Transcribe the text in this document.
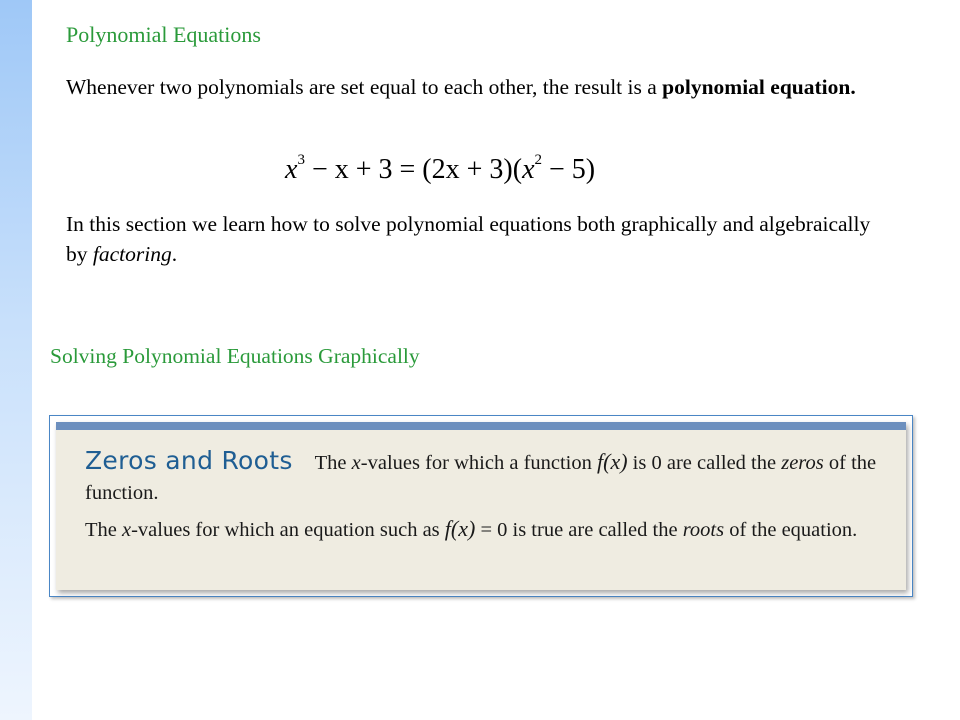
Polynomial Equations

Whenever two polynomials are set equal to each other, the result is a polynomial equation.

$x^3 - x + 3 = (2x + 3)(x^2 - 5)$

In this section we learn how to solve polynomial equations both graphically and algebraically by factoring.

Solving Polynomial Equations Graphically

Zeros and Roots The x-values for which a function f(x) is 0 are called the zeros of the function.

The x-values for which an equation such as f(x) = 0 is true are called the roots of the equation.
